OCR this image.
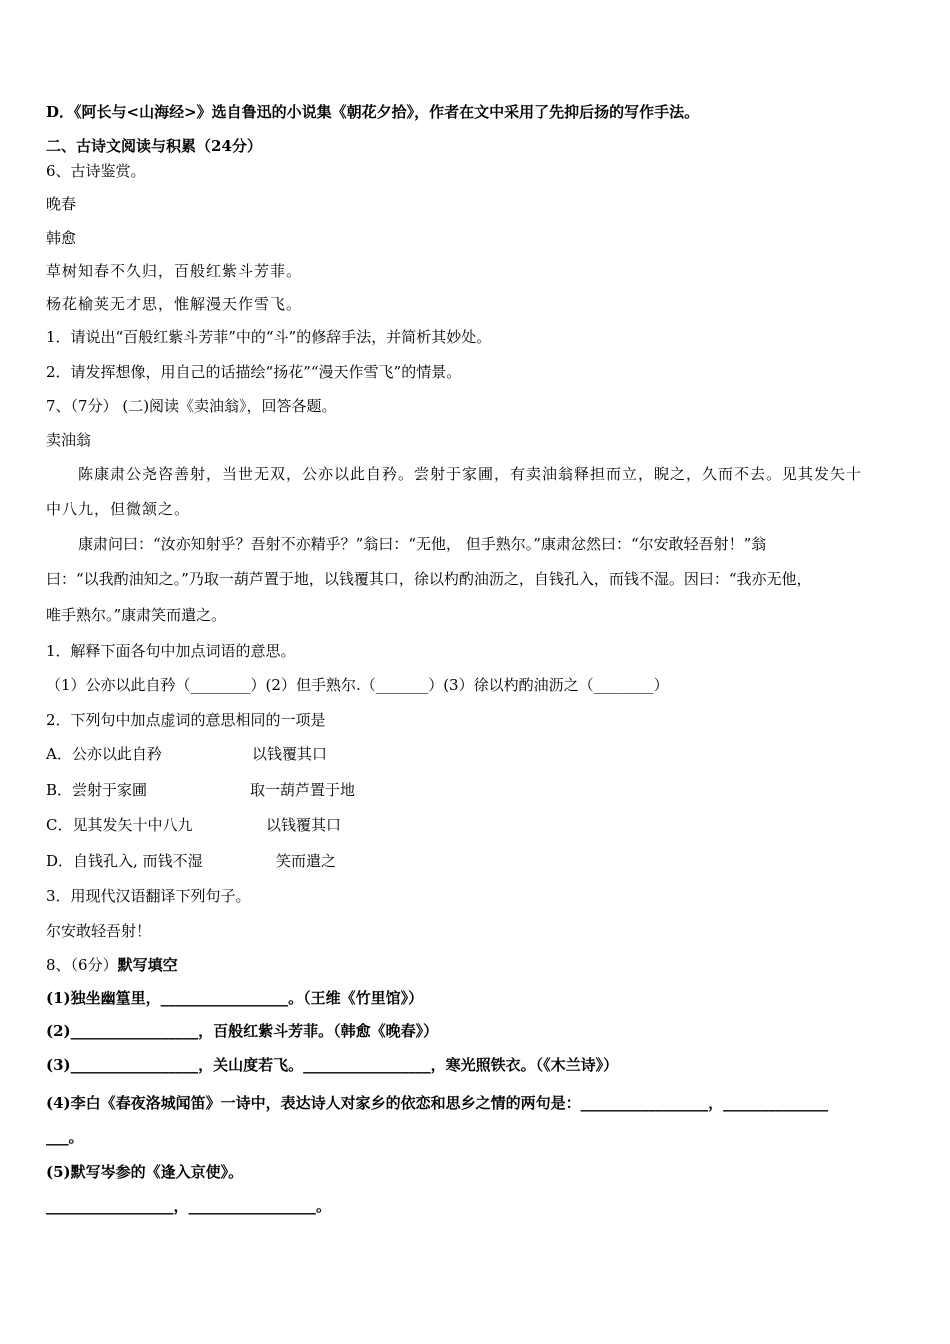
D．《阿长与<山海经>》选自鲁迅的小说集《朝花夕拾》，作者在文中采用了先抑后扬的写作手法。
二、古诗文阅读与积累（24分）
6、古诗鉴赏。
晚春
韩愈
草树知春不久归，百般红紫斗芳菲。
杨花榆荚无才思，惟解漫天作雪飞。
1．请说出“百般红紫斗芳菲”中的“斗”的修辞手法，并简析其妙处。
2．请发挥想像，用自己的话描绘“扬花”“漫天作雪飞”的情景。
7、（7分） (二)阅读《卖油翁》，回答各题。
卖油翁
陈康肃公尧咨善射，当世无双，公亦以此自矜。尝射于家圃，有卖油翁释担而立，睨之，久而不去。见其发矢十
中八九，但微颔之。
康肃问曰：“汝亦知射乎？吾射不亦精乎？”翁曰：“无他， 但手熟尔。”康肃忿然曰：“尔安敢轻吾射！”翁
曰：“以我酌油知之。”乃取一葫芦置于地，以钱覆其口，徐以杓酌油沥之，自钱孔入，而钱不湿。因曰：“我亦无他，
唯手熟尔。”康肃笑而遣之。
1．解释下面各句中加点词语的意思。
（1）公亦以此自矜（________）(2）但手熟尔.（_______）(3）徐以杓酌油沥之（________）
2．下列句中加点虚词的意思相同的一项是
A．公亦以此自矜	以钱覆其口
B．尝射于家圃	取一葫芦置于地
C．见其发矢十中八九	以钱覆其口
D．自钱孔入, 而钱不湿	笑而遣之
3．用现代汉语翻译下列句子。
尔安敢轻吾射！
8、（6分）默写填空
(1)独坐幽篁里，_________________。（王维《竹里馆》）
(2)_________________，百般红紫斗芳菲。（韩愈《晚春》）
(3)_________________，关山度若飞。_________________，寒光照铁衣。（《木兰诗》）
(4)李白《春夜洛城闻笛》一诗中，表达诗人对家乡的依恋和思乡之情的两句是：_________________，______________
___。
(5)默写岑参的《逢入京使》。
_________________，_________________。
